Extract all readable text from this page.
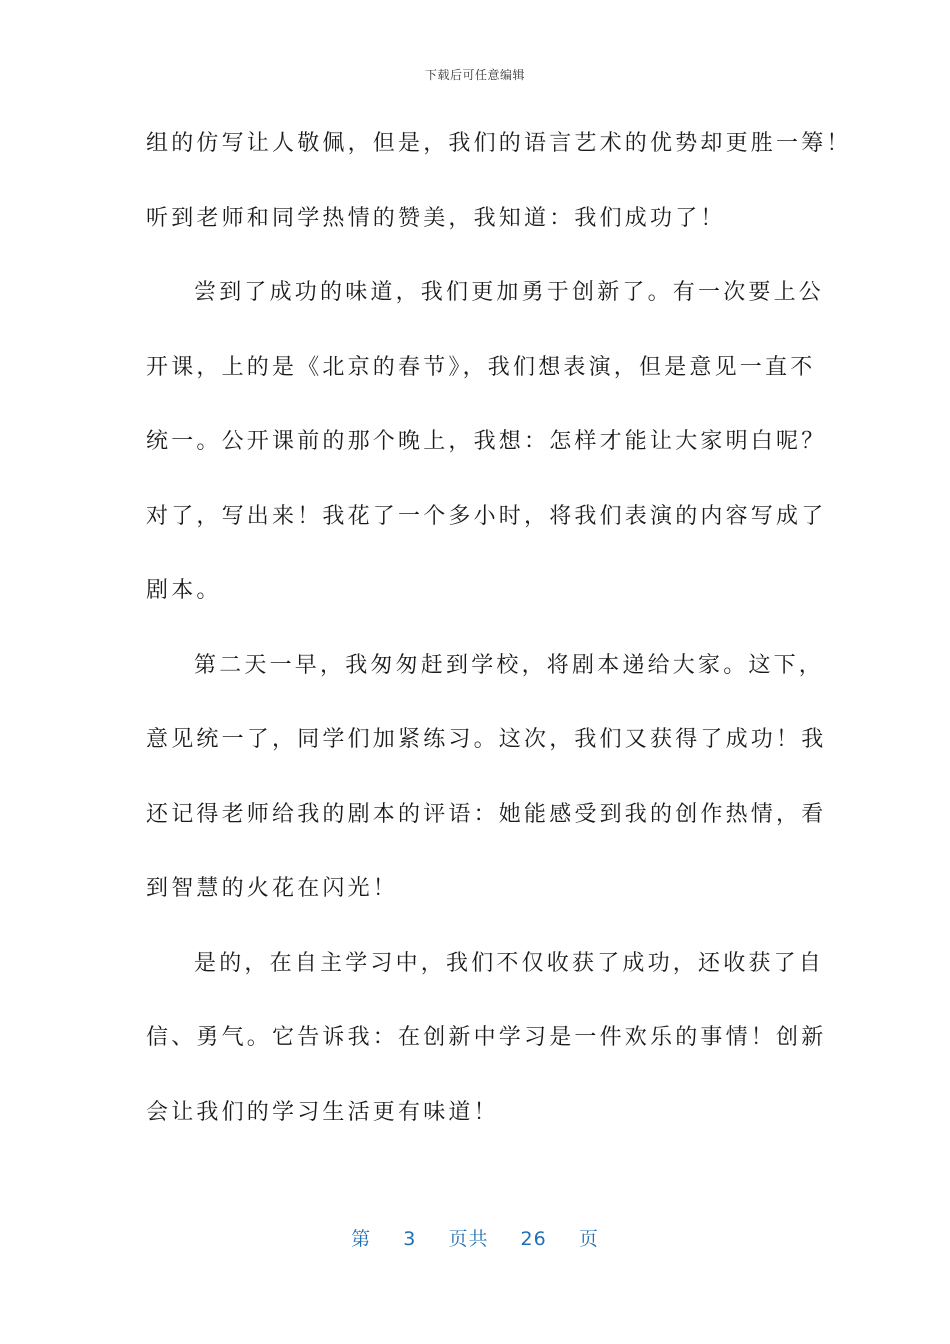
下载后可任意编辑
组的仿写让人敬佩，但是，我们的语言艺术的优势却更胜一筹！
听到老师和同学热情的赞美，我知道：我们成功了！
尝到了成功的味道，我们更加勇于创新了。有一次要上公
开课，上的是《北京的春节》，我们想表演，但是意见一直不
统一。公开课前的那个晚上，我想：怎样才能让大家明白呢？
对了，写出来！我花了一个多小时，将我们表演的内容写成了
剧本。
第二天一早，我匆匆赶到学校，将剧本递给大家。这下，
意见统一了，同学们加紧练习。这次，我们又获得了成功！我
还记得老师给我的剧本的评语：她能感受到我的创作热情，看
到智慧的火花在闪光！
是的，在自主学习中，我们不仅收获了成功，还收获了自
信、勇气。它告诉我：在创新中学习是一件欢乐的事情！创新
会让我们的学习生活更有味道！
第 3 页共 26 页
